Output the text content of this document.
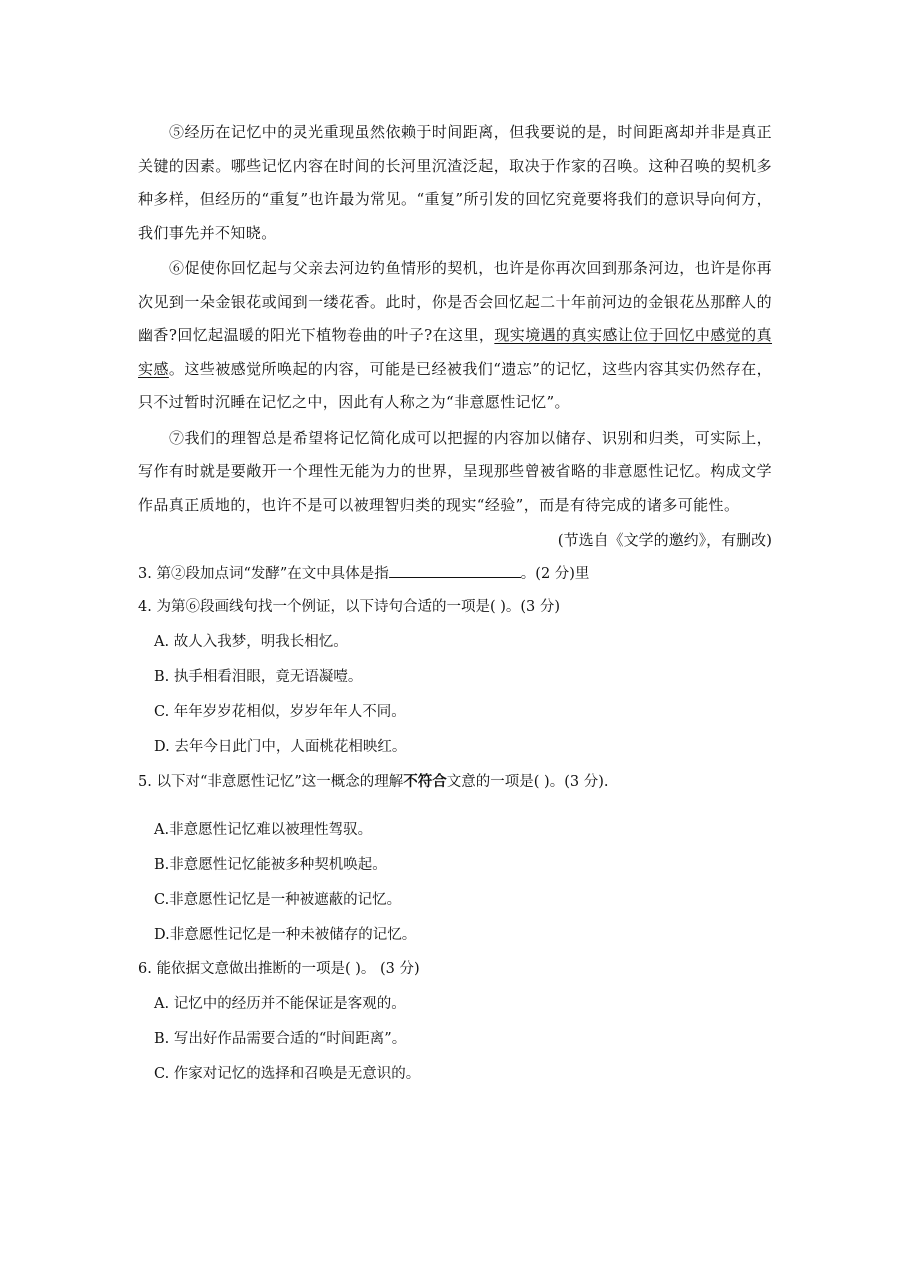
⑤经历在记忆中的灵光重现虽然依赖于时间距离，但我要说的是，时间距离却并非是真正关键的因素。哪些记忆内容在时间的长河里沉渣泛起，取决于作家的召唤。这种召唤的契机多种多样，但经历的“重复”也许最为常见。“重复”所引发的回忆究竟要将我们的意识导向何方，我们事先并不知晓。

⑥促使你回忆起与父亲去河边钓鱼情形的契机，也许是你再次回到那条河边，也许是你再次见到一朵金银花或闻到一缕花香。此时，你是否会回忆起二十年前河边的金银花丛那醉人的幽香?回忆起温暖的阳光下植物卷曲的叶子?在这里，现实境遇的真实感让位于回忆中感觉的真实感。这些被感觉所唤起的内容，可能是已经被我们“遗忘”的记忆，这些内容其实仍然存在，只不过暂时沉睡在记忆之中，因此有人称之为“非意愿性记忆”。

⑦我们的理智总是希望将记忆简化成可以把握的内容加以储存、识别和归类，可实际上，写作有时就是要敞开一个理性无能为力的世界，呈现那些曾被省略的非意愿性记忆。构成文学作品真正质地的，也许不是可以被理智归类的现实“经验”，而是有待完成的诸多可能性。

(节选自《文学的邀约》，有删改)

3. 第②段加点词“发酵”在文中具体是指	。(2 分)里

4. 为第⑥段画线句找一个例证，以下诗句合适的一项是( )。(3 分)

A. 故人入我梦，明我长相忆。

B. 执手相看泪眼，竟无语凝噎。

C. 年年岁岁花相似，岁岁年年人不同。

D. 去年今日此门中，人面桃花相映红。

5. 以下对“非意愿性记忆”这一概念的理解不符合文意的一项是( )。(3 分).

A.非意愿性记忆难以被理性驾驭。

B.非意愿性记忆能被多种契机唤起。

C.非意愿性记忆是一种被遮蔽的记忆。

D.非意愿性记忆是一种未被储存的记忆。

6. 能依据文意做出推断的一项是( )。 (3 分)

A. 记忆中的经历并不能保证是客观的。

B. 写出好作品需要合适的“时间距离”。

C. 作家对记忆的选择和召唤是无意识的。
